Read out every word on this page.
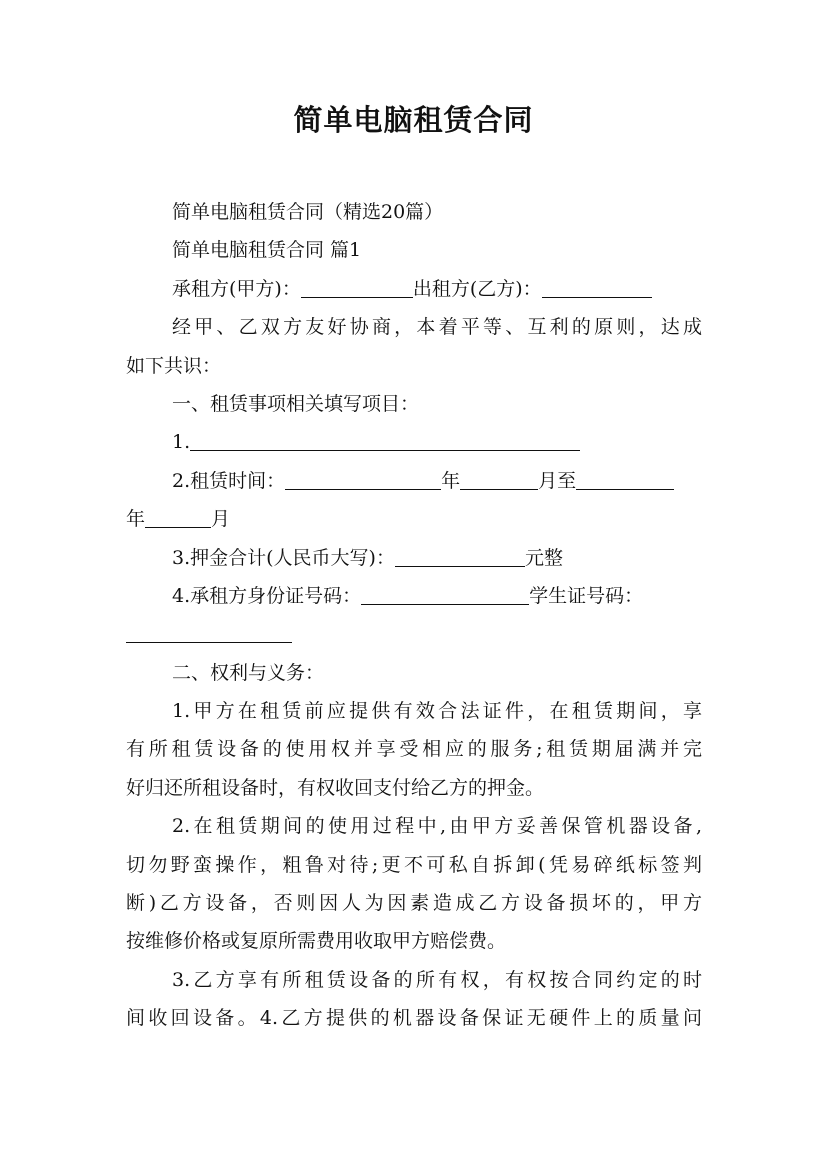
简单电脑租赁合同
简单电脑租赁合同（精选20篇）
简单电脑租赁合同 篇1
承租方(甲方)：	出租方(乙方)：
经甲、乙双方友好协商，本着平等、互利的原则，达成
如下共识：
一、租赁事项相关填写项目：
1.
2.租赁时间：	年	月至
年	月
3.押金合计(人民币大写)：	元整
4.承租方身份证号码：	学生证号码：
二、权利与义务：
1.甲方在租赁前应提供有效合法证件，在租赁期间，享
有所租赁设备的使用权并享受相应的服务;租赁期届满并完
好归还所租设备时，有权收回支付给乙方的押金。
2.在租赁期间的使用过程中,由甲方妥善保管机器设备,
切勿野蛮操作，粗鲁对待;更不可私自拆卸(凭易碎纸标签判
断)乙方设备，否则因人为因素造成乙方设备损坏的，甲方
按维修价格或复原所需费用收取甲方赔偿费。
3.乙方享有所租赁设备的所有权，有权按合同约定的时
间收回设备。4.乙方提供的机器设备保证无硬件上的质量问
